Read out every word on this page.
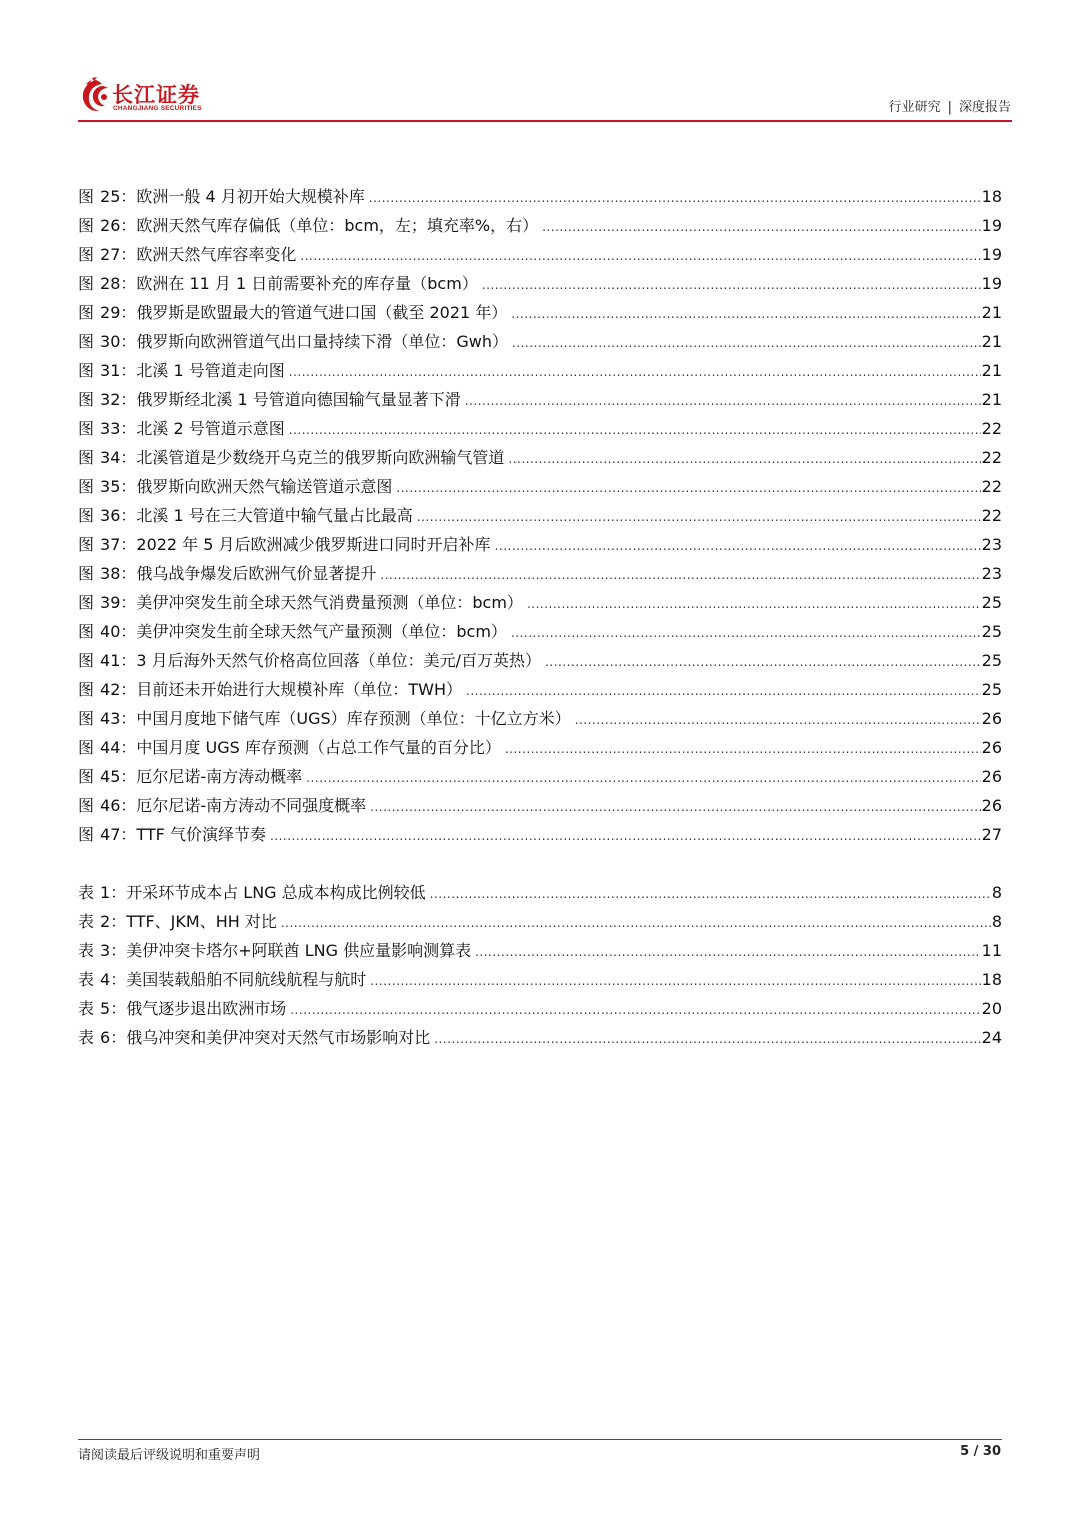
长江证券
CHANGJIANG SECURITIES	行业研究 | 深度报告
图 25： 欧洲一般 4 月初开始大规模补库 .....	18
图 26： 欧洲天然气库存偏低（单位：bcm，左；填充率%，右） .....	19
图 27： 欧洲天然气库容率变化 .....	19
图 28： 欧洲在 11 月 1 日前需要补充的库存量（bcm） .....	19
图 29： 俄罗斯是欧盟最大的管道气进口国（截至 2021 年） .....	21
图 30： 俄罗斯向欧洲管道气出口量持续下滑（单位：Gwh） .....	21
图 31： 北溪 1 号管道走向图 .....	21
图 32： 俄罗斯经北溪 1 号管道向德国输气量显著下滑 .....	21
图 33： 北溪 2 号管道示意图 .....	22
图 34： 北溪管道是少数绕开乌克兰的俄罗斯向欧洲输气管道 .....	22
图 35： 俄罗斯向欧洲天然气输送管道示意图 .....	22
图 36： 北溪 1 号在三大管道中输气量占比最高 .....	22
图 37： 2022 年 5 月后欧洲减少俄罗斯进口同时开启补库 .....	23
图 38： 俄乌战争爆发后欧洲气价显著提升 .....	23
图 39： 美伊冲突发生前全球天然气消费量预测（单位：bcm） .....	25
图 40： 美伊冲突发生前全球天然气产量预测（单位：bcm） .....	25
图 41： 3 月后海外天然气价格高位回落（单位：美元/百万英热） .....	25
图 42： 目前还未开始进行大规模补库（单位：TWH） .....	25
图 43： 中国月度地下储气库（UGS）库存预测（单位：十亿立方米） .....	26
图 44： 中国月度 UGS 库存预测（占总工作气量的百分比） .....	26
图 45： 厄尔尼诺-南方涛动概率 .....	26
图 46： 厄尔尼诺-南方涛动不同强度概率 .....	26
图 47： TTF 气价演绎节奏 .....	27
表 1： 开采环节成本占 LNG 总成本构成比例较低 .....	8
表 2： TTF、JKM、HH 对比 .....	8
表 3： 美伊冲突卡塔尔+阿联酋 LNG 供应量影响测算表 .....	11
表 4： 美国装载船舶不同航线航程与航时 .....	18
表 5： 俄气逐步退出欧洲市场 .....	20
表 6： 俄乌冲突和美伊冲突对天然气市场影响对比 .....	24
请阅读最后评级说明和重要声明	5 / 30
